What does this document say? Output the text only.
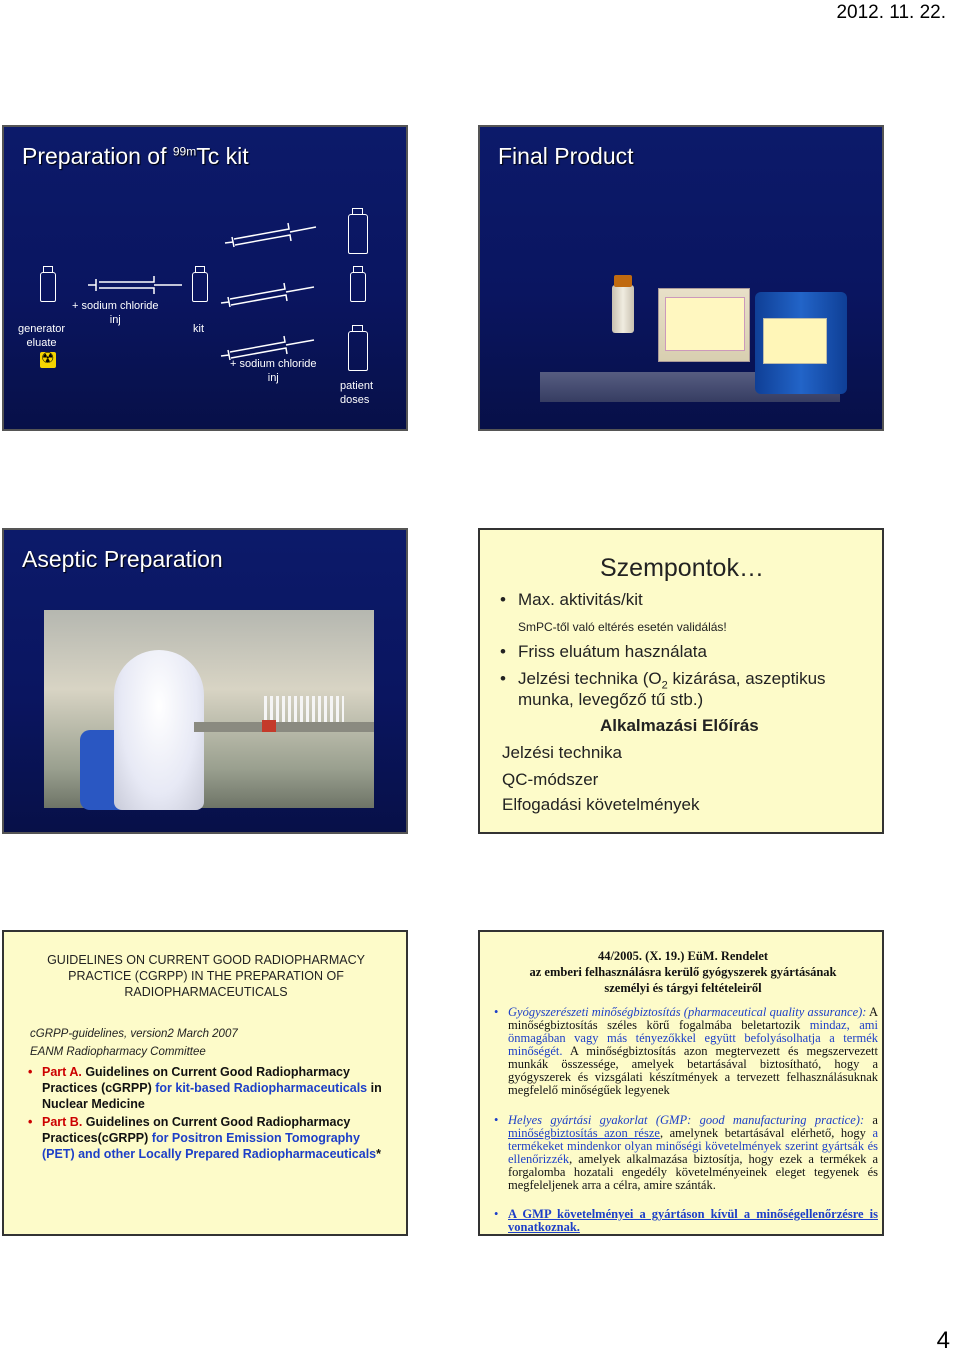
2012. 11. 22.
Preparation of $^{99m}$Tc kit
☢
generator
eluate
+ sodium chloride
inj
kit
+ sodium chloride
inj
patient
doses
Final Product
Aseptic Preparation	Szempontok…
• Max. aktivitás/kit
SmPC-től való eltérés esetén validálás!
• Friss eluátum használata
• Jelzési technika ($O_2$ kizárása, aszeptikus
munka, levegőző tű stb.)
Alkalmazási Előírás
Jelzési technika
QC-módszer
Elfogadási követelmények
GUIDELINES ON CURRENT GOOD RADIOPHARMACY PRACTICE (CGRPP) IN THE PREPARATION OF RADIOPHARMACEUTICALS
cGRPP-guidelines, version2 March 2007
EANM Radiopharmacy Committee
• Part A. Guidelines on Current Good Radiopharmacy Practices (cGRPP) for kit-based Radiopharmaceuticals in Nuclear Medicine
• Part B. Guidelines on Current Good Radiopharmacy Practices(cGRPP) for Positron Emission Tomography (PET) and other Locally Prepared Radiopharmaceuticals*
44/2005. (X. 19.) EüM. Rendelet
az emberi felhasználásra kerülő gyógyszerek gyártásának
személyi és tárgyi feltételeiről
• Gyógyszerészeti minőségbiztosítás (pharmaceutical quality assurance): A minőségbiztosítás széles körű fogalmába beletartozik mindaz, ami önmagában vagy más tényezőkkel együtt befolyásolhatja a termék minőségét. A minőségbiztosítás azon megtervezett és megszervezett munkák összessége, amelyek betartásával biztosítható, hogy a gyógyszerek és vizsgálati készítmények a tervezett felhasználásuknak megfelelő minőségűek legyenek
• Helyes gyártási gyakorlat (GMP: good manufacturing practice): a minőségbiztosítás azon része, amelynek betartásával elérhető, hogy a termékeket mindenkor olyan minőségi követelmények szerint gyártsák és ellenőrizzék, amelyek alkalmazása biztosítja, hogy ezek a termékek a forgalomba hozatali engedély követelményeinek eleget tegyenek és megfeleljenek arra a célra, amire szánták.
• A GMP követelményei a gyártáson kívül a minőségellenőrzésre is vonatkoznak.
4
